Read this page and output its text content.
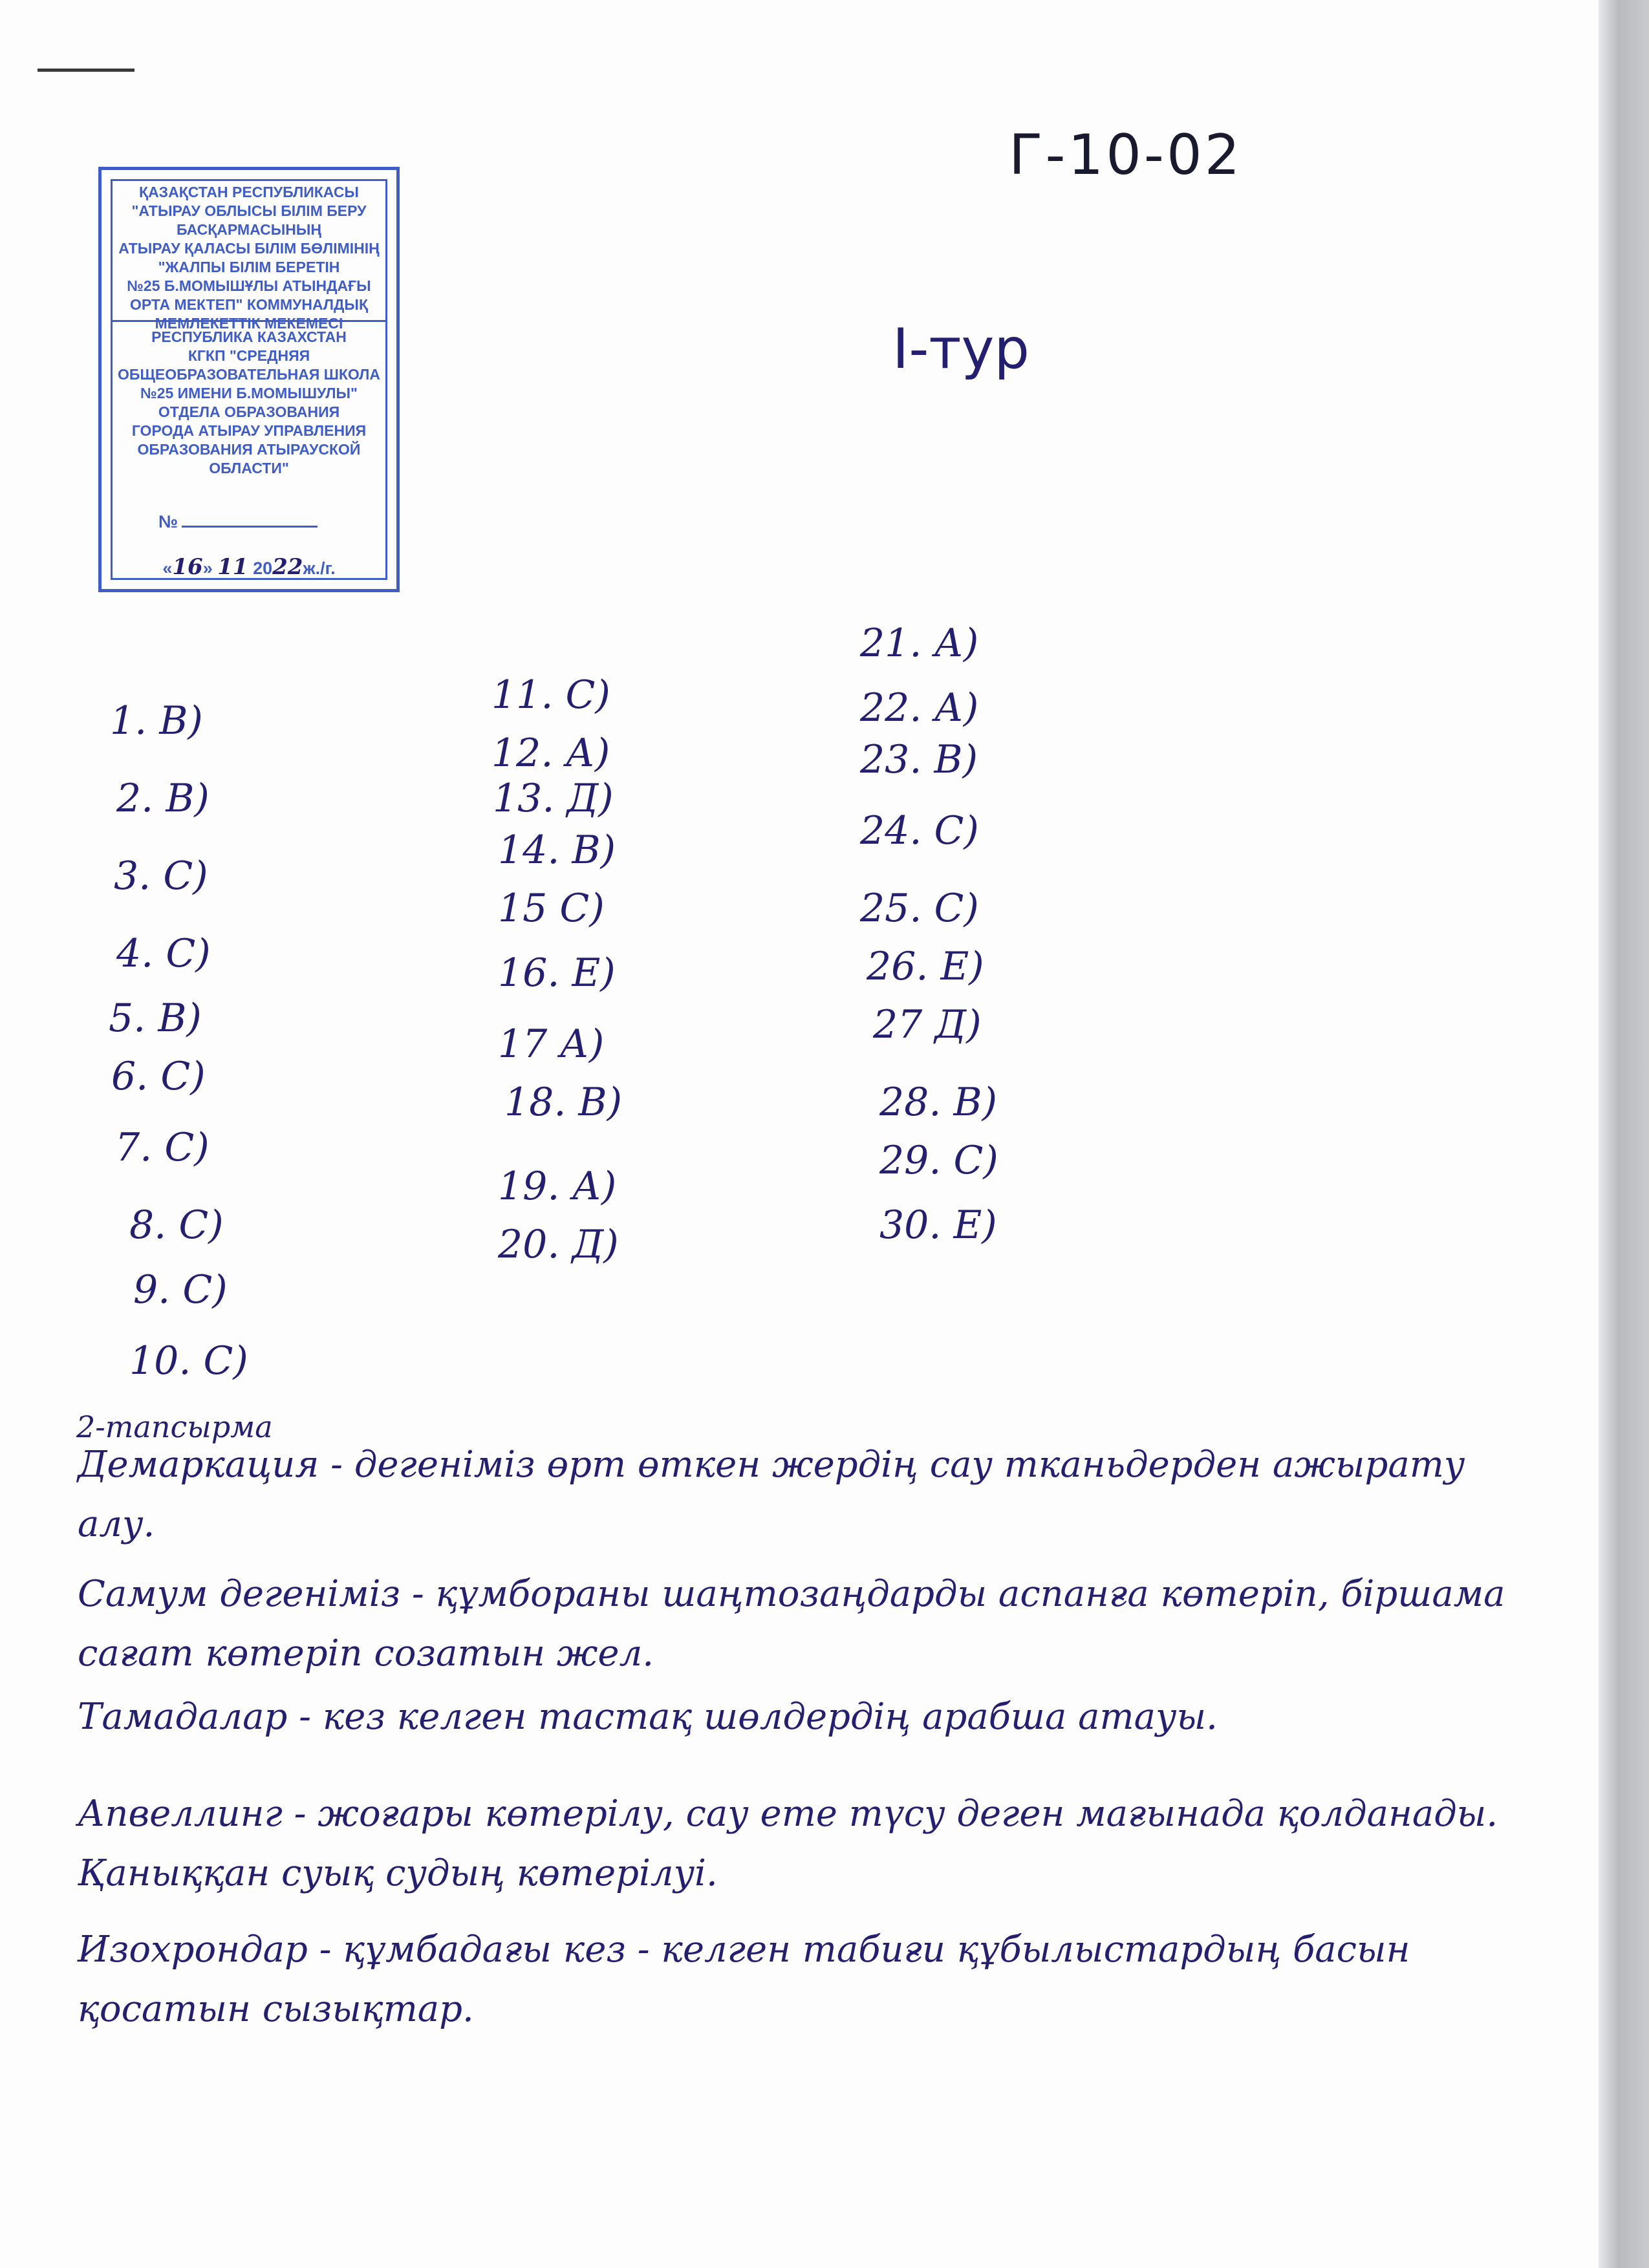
Г-10-02
I-тур
ҚАЗАҚСТАН РЕСПУБЛИКАСЫ
"АТЫРАУ ОБЛЫСЫ БІЛІМ БЕРУ
БАСҚАРМАСЫНЫҢ
АТЫРАУ ҚАЛАСЫ БІЛІМ БӨЛІМІНІҢ
"ЖАЛПЫ БІЛІМ БЕРЕТІН
№25 Б.МОМЫШҰЛЫ АТЫНДАҒЫ
ОРТА МЕКТЕП" КОММУНАЛДЫҚ
МЕМЛЕКЕТТІК МЕКЕМЕСІ
РЕСПУБЛИКА КАЗАХСТАН
КГКП "СРЕДНЯЯ
ОБЩЕОБРАЗОВАТЕЛЬНАЯ ШКОЛА
№25 ИМЕНИ Б.МОМЫШУЛЫ"
ОТДЕЛА ОБРАЗОВАНИЯ
ГОРОДА АТЫРАУ УПРАВЛЕНИЯ
ОБРАЗОВАНИЯ АТЫРАУСКОЙ
ОБЛАСТИ"
№
«16» 11 2022ж./г.
1. В)
2. В)
3. С)
4. С)
5. В)
6. С)
7. С)
8. С)
9. С)
10. С)
11. С)
12. А)
13. Д)
14. В)
15 С)
16. Е)
17 А)
18. В)
19. А)
20. Д)
21. А)
22. А)
23. В)
24. С)
25. С)
26. Е)
27 Д)
28. В)
29. С)
30. Е)
2-тапсырма
Демаркация - дегеніміз өрт өткен жердің сау тканьдерден ажырату алу.
Самум дегеніміз - құмбораны шаңтозаңдарды аспанға көтеріп, біршама сағат көтеріп созатын жел.
Тамадалар - кез келген тастақ шөлдердің арабша атауы.
Апвеллинг - жоғары көтерілу, сау ете түсу деген мағынада қолданады. Қаныққан суық судың көтерілуі.
Изохрондар - құмбадағы кез - келген табиғи құбылыстардың басын қосатын сызықтар.
